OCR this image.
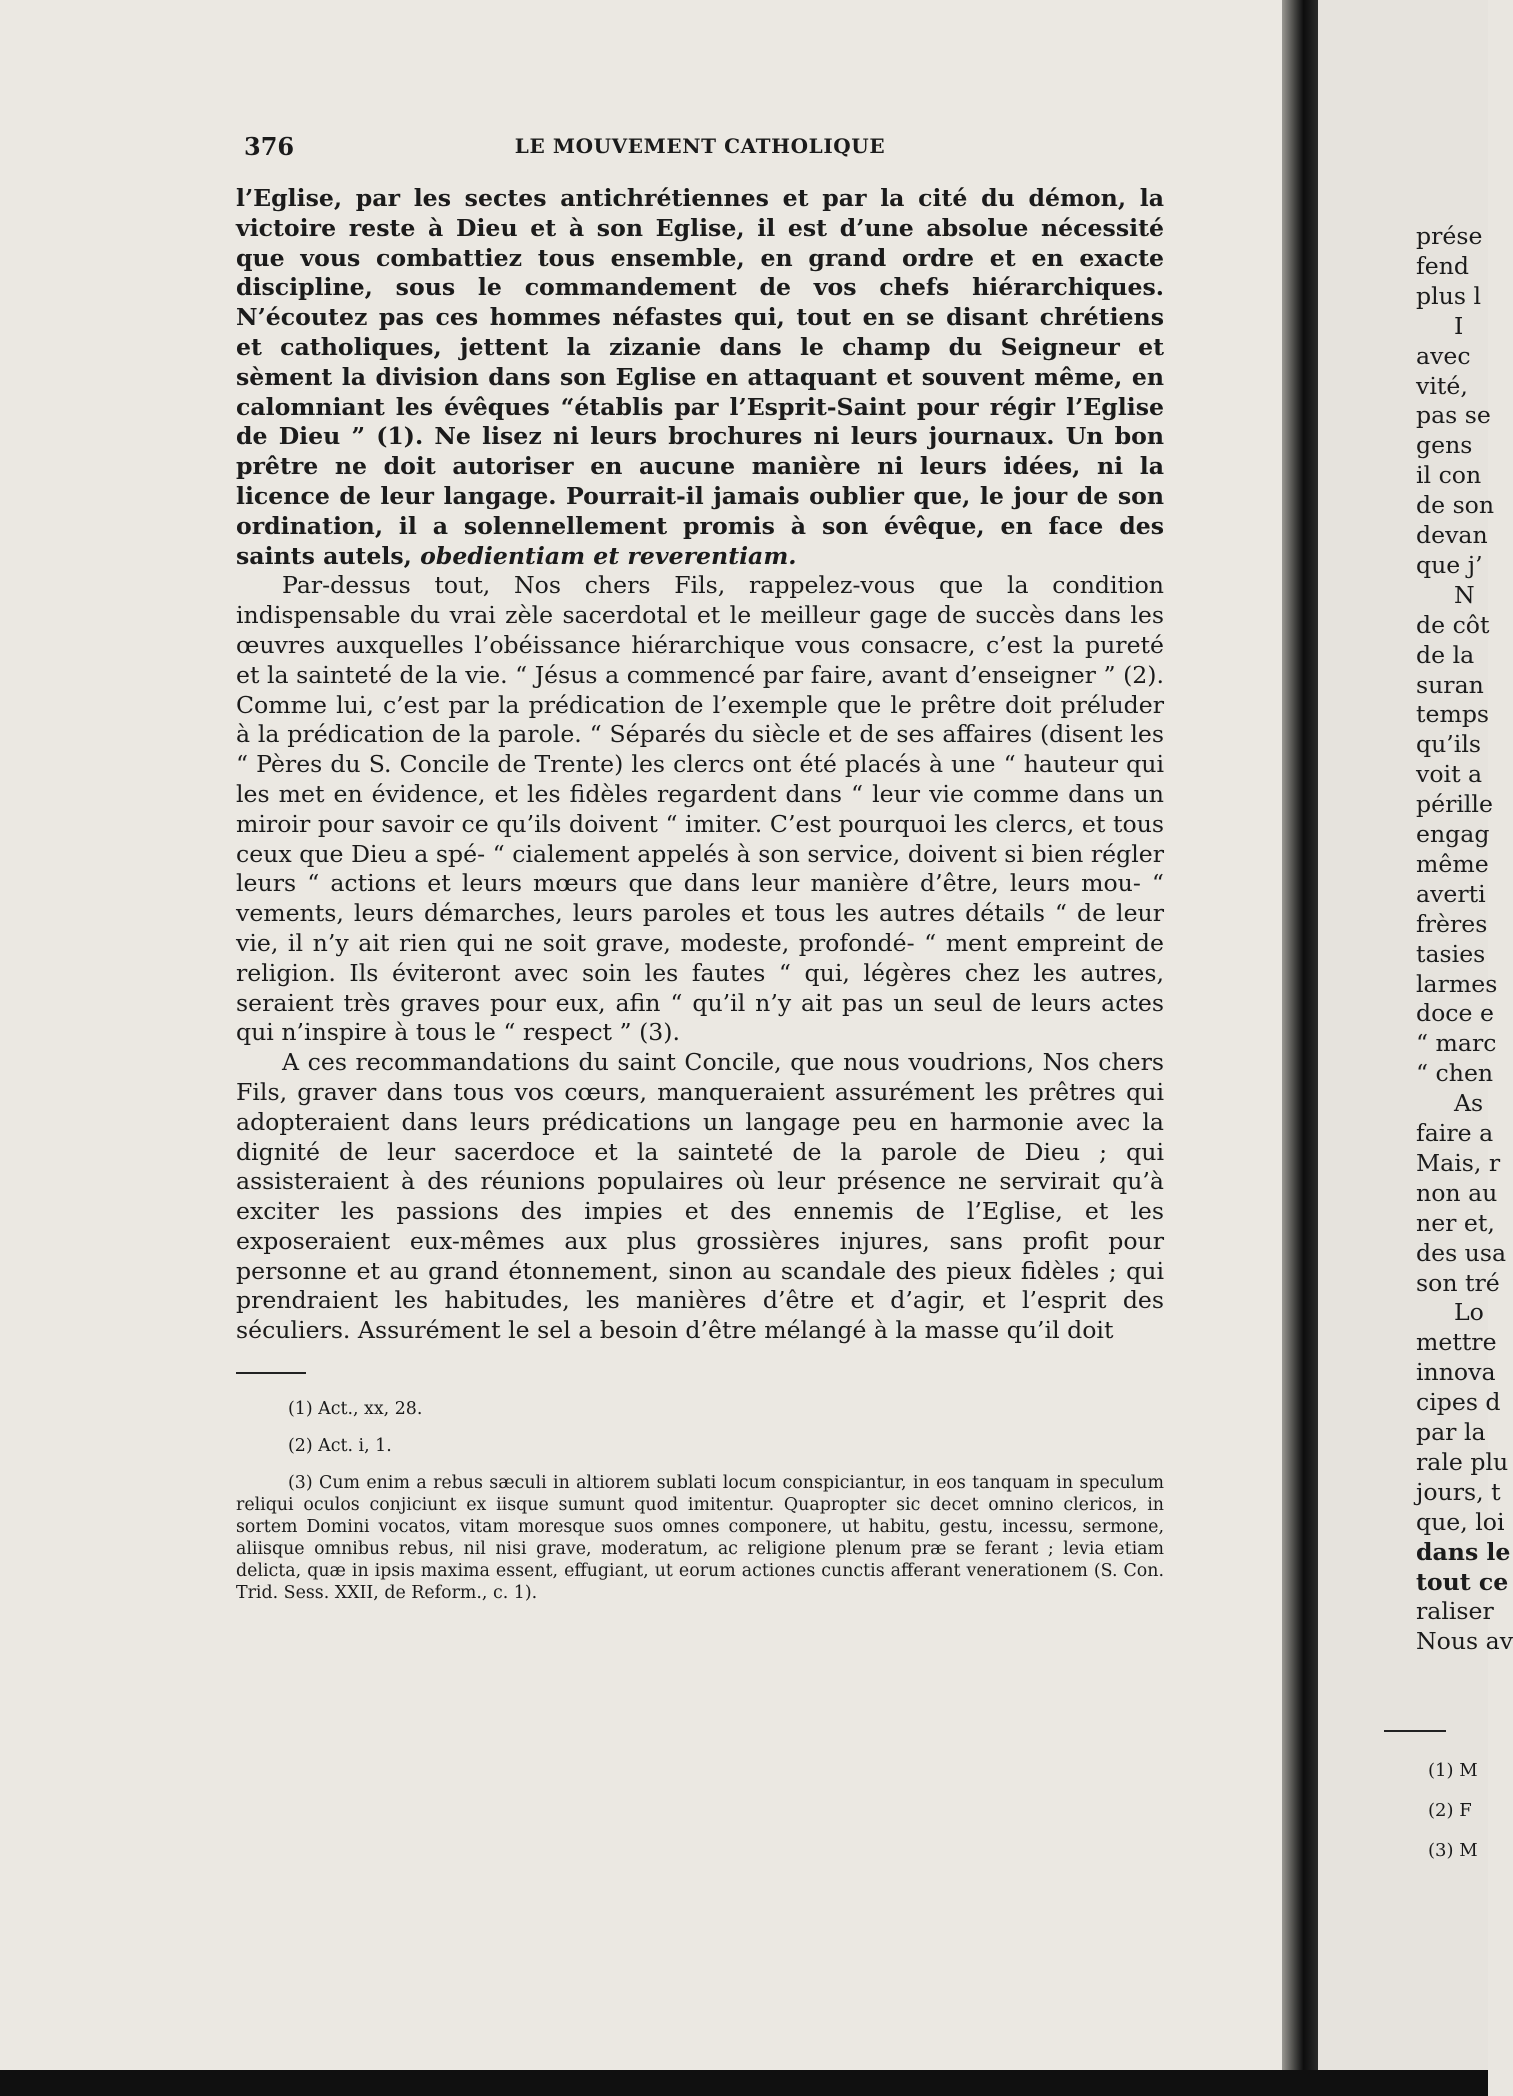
376	LE MOUVEMENT CATHOLIQUE

l’Eglise, par les sectes antichrétiennes et par la cité du démon, la victoire reste à Dieu et à son Eglise, il est d’une absolue nécessité que vous combattiez tous ensemble, en grand ordre et en exacte discipline, sous le commandement de vos chefs hiérarchiques. N’écoutez pas ces hommes néfastes qui, tout en se disant chrétiens et catholiques, jettent la zizanie dans le champ du Seigneur et sèment la division dans son Eglise en attaquant et souvent même, en calomniant les évêques “établis par l’Esprit-Saint pour régir l’Eglise de Dieu ” (1). Ne lisez ni leurs brochures ni leurs journaux. Un bon prêtre ne doit autoriser en aucune manière ni leurs idées, ni la licence de leur langage. Pourrait-il jamais oublier que, le jour de son ordination, il a solennellement promis à son évêque, en face des saints autels, obedientiam et reverentiam.

Par-dessus tout, Nos chers Fils, rappelez-vous que la condition indispensable du vrai zèle sacerdotal et le meilleur gage de succès dans les œuvres auxquelles l’obéissance hiérarchique vous consacre, c’est la pureté et la sainteté de la vie. “ Jésus a commencé par faire, avant d’enseigner ” (2). Comme lui, c’est par la prédication de l’exemple que le prêtre doit préluder à la prédication de la parole. “ Séparés du siècle et de ses affaires (disent les “ Pères du S. Concile de Trente) les clercs ont été placés à une “ hauteur qui les met en évidence, et les fidèles regardent dans “ leur vie comme dans un miroir pour savoir ce qu’ils doivent “ imiter. C’est pourquoi les clercs, et tous ceux que Dieu a spé- “ cialement appelés à son service, doivent si bien régler leurs “ actions et leurs mœurs que dans leur manière d’être, leurs mou- “ vements, leurs démarches, leurs paroles et tous les autres détails “ de leur vie, il n’y ait rien qui ne soit grave, modeste, profondé- “ ment empreint de religion. Ils éviteront avec soin les fautes “ qui, légères chez les autres, seraient très graves pour eux, afin “ qu’il n’y ait pas un seul de leurs actes qui n’inspire à tous le “ respect ” (3).

A ces recommandations du saint Concile, que nous voudrions, Nos chers Fils, graver dans tous vos cœurs, manqueraient assurément les prêtres qui adopteraient dans leurs prédications un langage peu en harmonie avec la dignité de leur sacerdoce et la sainteté de la parole de Dieu ; qui assisteraient à des réunions populaires où leur présence ne servirait qu’à exciter les passions des impies et des ennemis de l’Eglise, et les exposeraient eux-mêmes aux plus grossières injures, sans profit pour personne et au grand étonnement, sinon au scandale des pieux fidèles ; qui prendraient les habitudes, les manières d’être et d’agir, et l’esprit des séculiers. Assurément le sel a besoin d’être mélangé à la masse qu’il doit

(1) Act., xx, 28.

(2) Act. i, 1.

(3) Cum enim a rebus sæculi in altiorem sublati locum conspiciantur, in eos tanquam in speculum reliqui oculos conjiciunt ex iisque sumunt quod imitentur. Quapropter sic decet omnino clericos, in sortem Domini vocatos, vitam moresque suos omnes componere, ut habitu, gestu, incessu, sermone, aliisque omnibus rebus, nil nisi grave, moderatum, ac religione plenum præ se ferant ; levia etiam delicta, quæ in ipsis maxima essent, effugiant, ut eorum actiones cunctis afferant venerationem (S. Con. Trid. Sess. XXII, de Reform., c. 1).

prése
fend
plus l
I
avec
vité,
pas se
gens
il con
de son
devan
que j’
N
de côt
de la
suran
temps
qu’ils
voit a
pérille
engag
même
averti
frères
tasies
larmes
doce e
“ marc
“ chen
As
faire a
Mais, r
non au
ner et,
des usa
son tré
Lo
mettre
innova
cipes d
par la
rale plu
jours, t
que, loi
dans le
tout ce
raliser
Nous av
(1) M
(2) F
(3) M
